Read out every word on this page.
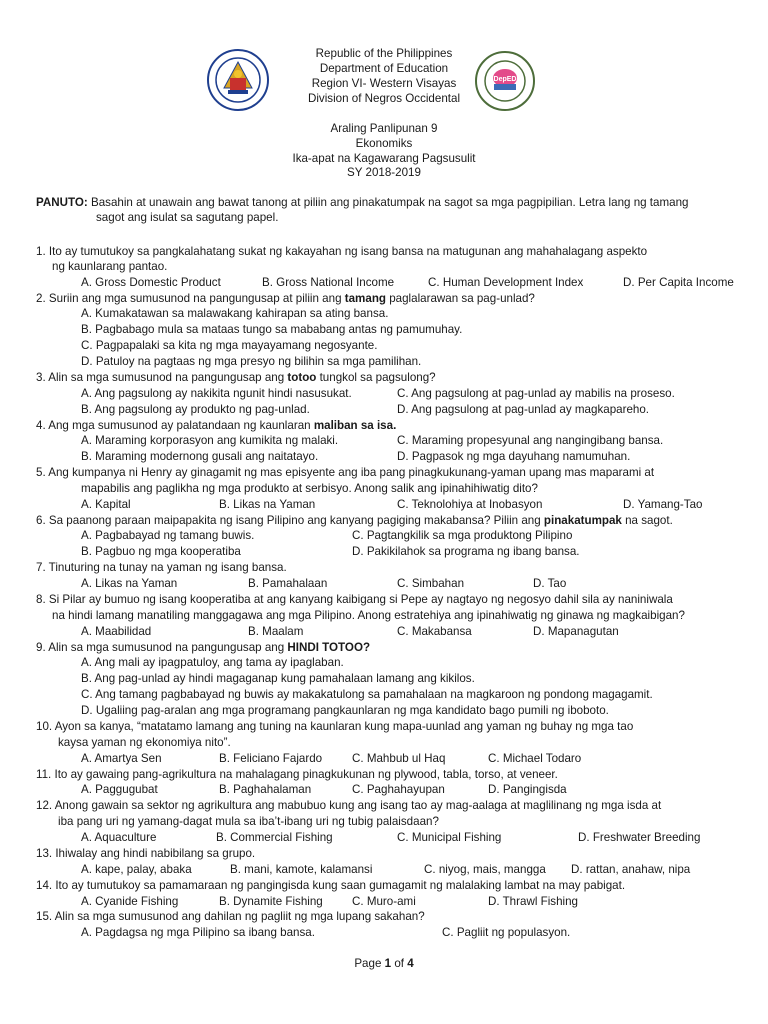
DepED
Republic of the Philippines
Department of Education
Region VI- Western Visayas
Division of Negros Occidental
Araling Panlipunan 9
Ekonomiks
Ika-apat na Kagawarang Pagsusulit
SY 2018-2019
PANUTO: Basahin at unawain ang bawat tanong at piliin ang pinakatumpak na sagot sa mga pagpipilian. Letra lang ng tamang
sagot ang isulat sa sagutang papel.
1. Ito ay tumutukoy sa pangkalahatang sukat ng kakayahan ng isang bansa na matugunan ang mahahalagang aspekto
ng kaunlarang pantao.
A. Gross Domestic Product	B. Gross National Income	C. Human Development Index	D. Per Capita Income
2. Suriin ang mga sumusunod na pangungusap at piliin ang tamang paglalarawan sa pag-unlad?
A. Kumakatawan sa malawakang kahirapan sa ating bansa.
B. Pagbabago mula sa mataas tungo sa mababang antas ng pamumuhay.
C. Pagpapalaki sa kita ng mga mayayamang negosyante.
D. Patuloy na pagtaas ng mga presyo ng bilihin sa mga pamilihan.
3. Alin sa mga sumusunod na pangungusap ang totoo tungkol sa pagsulong?
A. Ang pagsulong ay nakikita ngunit hindi nasusukat.	C. Ang pagsulong at pag-unlad ay mabilis na proseso.
B. Ang pagsulong ay produkto ng pag-unlad.	D. Ang pagsulong at pag-unlad ay magkapareho.
4. Ang mga sumusunod ay palatandaan ng kaunlaran maliban sa isa.
A. Maraming korporasyon ang kumikita ng malaki.	C. Maraming propesyunal ang nangingibang bansa.
B. Maraming modernong gusali ang naitatayo.	D. Pagpasok ng mga dayuhang namumuhan.
5. Ang kumpanya ni Henry ay ginagamit ng mas episyente ang iba pang pinagkukunang-yaman upang mas maparami at
mapabilis ang paglikha ng mga produkto at serbisyo. Anong salik ang ipinahihiwatig dito?
A. Kapital	B. Likas na Yaman	C. Teknolohiya at Inobasyon	D. Yamang-Tao
6. Sa paanong paraan maipapakita ng isang Pilipino ang kanyang pagiging makabansa? Piliin ang pinakatumpak na sagot.
A. Pagbabayad ng tamang buwis.	C. Pagtangkilik sa mga produktong Pilipino
B. Pagbuo ng mga kooperatiba	D. Pakikilahok sa programa ng ibang bansa.
7. Tinuturing na tunay na yaman ng isang bansa.
A. Likas na Yaman	B. Pamahalaan	C. Simbahan	D. Tao
8. Si Pilar ay bumuo ng isang kooperatiba at ang kanyang kaibigang si Pepe ay nagtayo ng negosyo dahil sila ay naniniwala
na hindi lamang manatiling manggagawa ang mga Pilipino. Anong estratehiya ang ipinahiwatig ng ginawa ng magkaibigan?
A. Maabilidad	B. Maalam	C. Makabansa	D. Mapanagutan
9. Alin sa mga sumusunod na pangungusap ang HINDI TOTOO?
A. Ang mali ay ipagpatuloy, ang tama ay ipaglaban.
B. Ang pag-unlad ay hindi magaganap kung pamahalaan lamang ang kikilos.
C. Ang tamang pagbabayad ng buwis ay makakatulong sa pamahalaan na magkaroon ng pondong magagamit.
D. Ugaliing pag-aralan ang mga programang pangkaunlaran ng mga kandidato bago pumili ng iboboto.
10. Ayon sa kanya, “matatamo lamang ang tuning na kaunlaran kung mapa-uunlad ang yaman ng buhay ng mga tao
kaysa yaman ng ekonomiya nito”.
A. Amartya Sen	B. Feliciano Fajardo	C. Mahbub ul Haq	C. Michael Todaro
11. Ito ay gawaing pang-agrikultura na mahalagang pinagkukunan ng plywood, tabla, torso, at veneer.
A. Paggugubat	B. Paghahalaman	C. Paghahayupan	D. Pangingisda
12. Anong gawain sa sektor ng agrikultura ang mabubuo kung ang isang tao ay mag-aalaga at maglilinang ng mga isda at
iba pang uri ng yamang-dagat mula sa iba’t-ibang uri ng tubig palaisdaan?
A. Aquaculture	B. Commercial Fishing	C. Municipal Fishing	D. Freshwater Breeding
13. Ihiwalay ang hindi nabibilang sa grupo.
A. kape, palay, abaka	B. mani, kamote, kalamansi	C. niyog, mais, mangga D. rattan, anahaw, nipa
14. Ito ay tumutukoy sa pamamaraan ng pangingisda kung saan gumagamit ng malalaking lambat na may pabigat.
A. Cyanide Fishing	B. Dynamite Fishing	C. Muro-ami	D. Thrawl Fishing
15. Alin sa mga sumusunod ang dahilan ng pagliit ng mga lupang sakahan?
A. Pagdagsa ng mga Pilipino sa ibang bansa.	C. Pagliit ng populasyon.
Page 1 of 4
